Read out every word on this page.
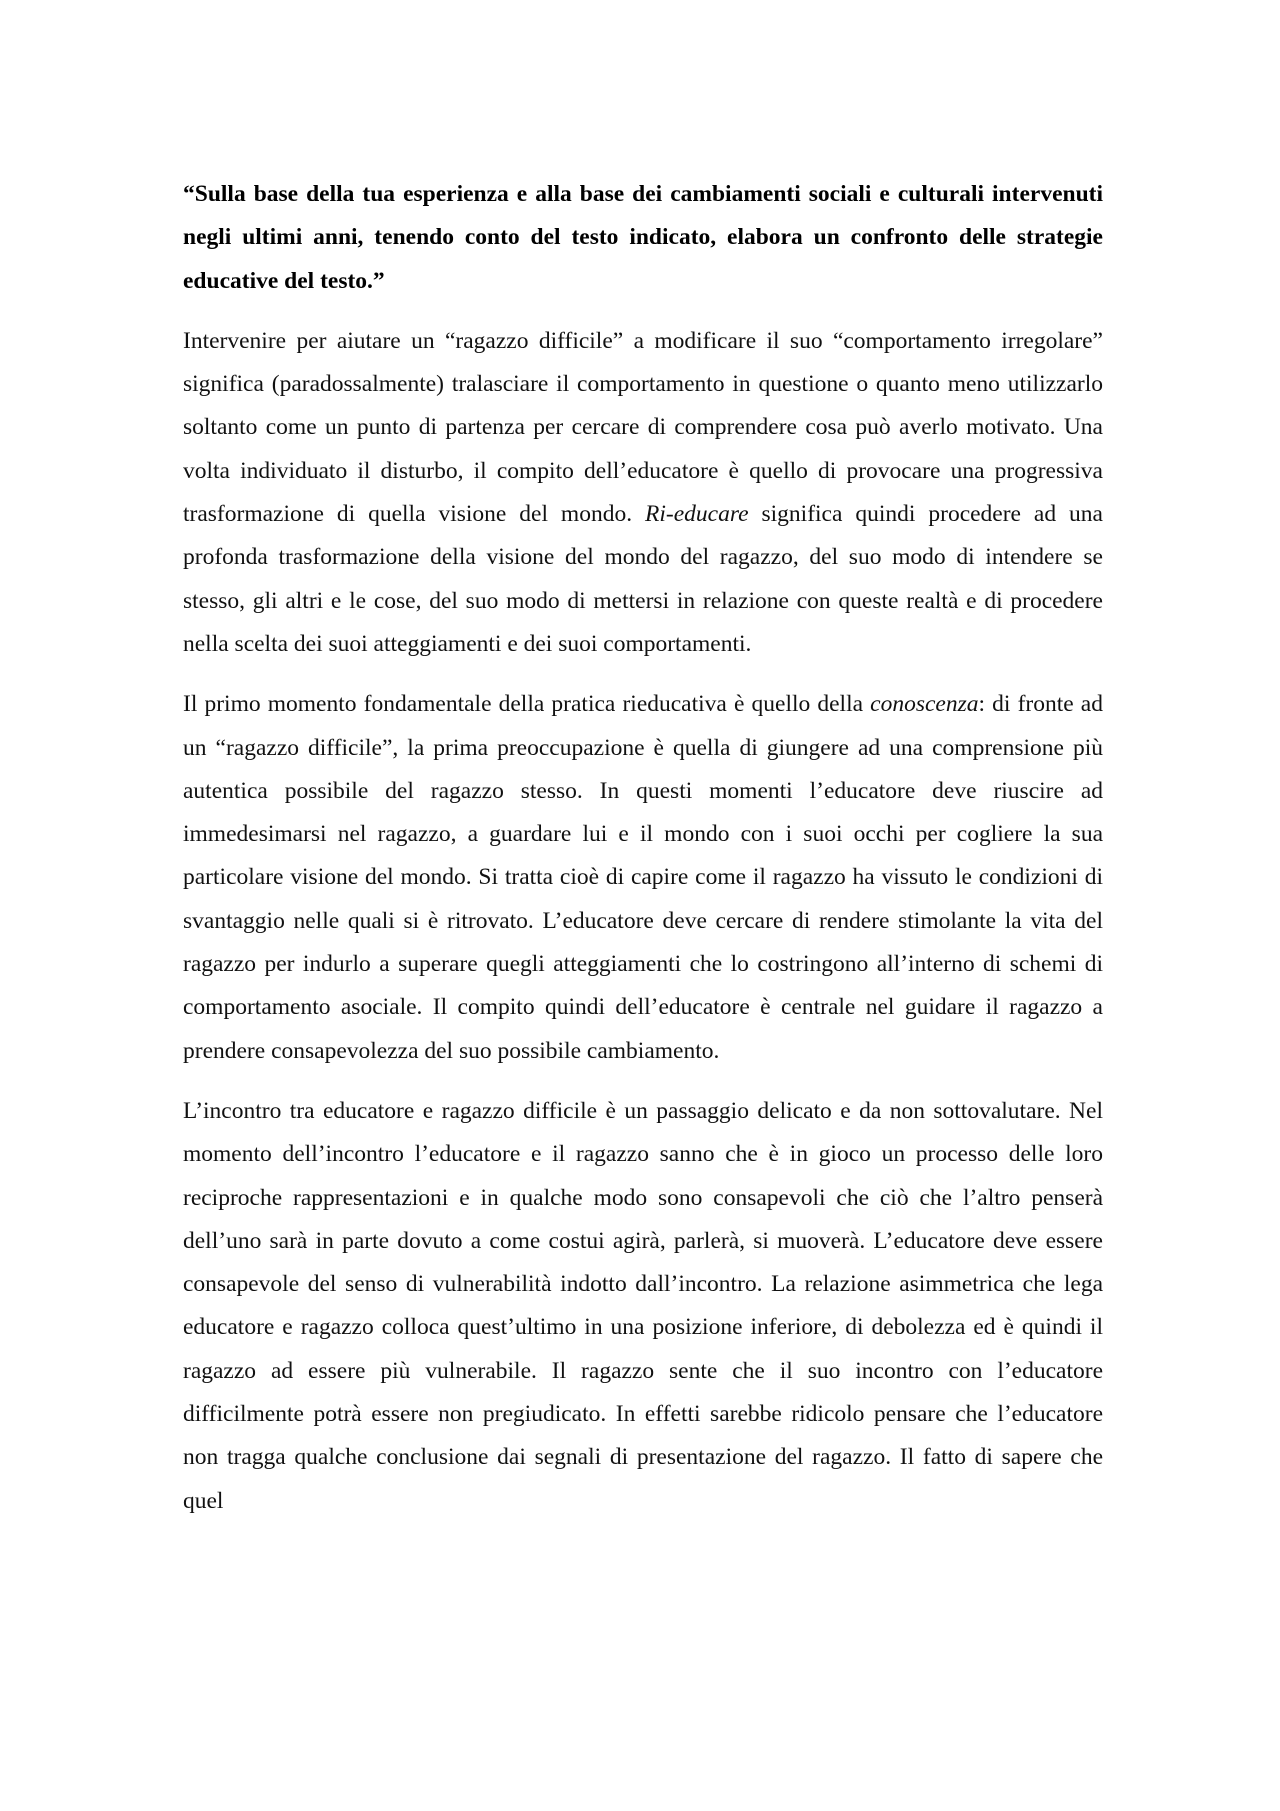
“Sulla base della tua esperienza e alla base dei cambiamenti sociali e culturali intervenuti negli ultimi anni, tenendo conto del testo indicato, elabora un confronto delle strategie educative del testo.”

Intervenire per aiutare un “ragazzo difficile” a modificare il suo “comportamento irregolare” significa (paradossalmente) tralasciare il comportamento in questione o quanto meno utilizzarlo soltanto come un punto di partenza per cercare di comprendere cosa può averlo motivato. Una volta individuato il disturbo, il compito dell’educatore è quello di provocare una progressiva trasformazione di quella visione del mondo. Ri-educare significa quindi procedere ad una profonda trasformazione della visione del mondo del ragazzo, del suo modo di intendere se stesso, gli altri e le cose, del suo modo di mettersi in relazione con queste realtà e di procedere nella scelta dei suoi atteggiamenti e dei suoi comportamenti.

Il primo momento fondamentale della pratica rieducativa è quello della conoscenza: di fronte ad un “ragazzo difficile”, la prima preoccupazione è quella di giungere ad una comprensione più autentica possibile del ragazzo stesso. In questi momenti l’educatore deve riuscire ad immedesimarsi nel ragazzo, a guardare lui e il mondo con i suoi occhi per cogliere la sua particolare visione del mondo. Si tratta cioè di capire come il ragazzo ha vissuto le condizioni di svantaggio nelle quali si è ritrovato. L’educatore deve cercare di rendere stimolante la vita del ragazzo per indurlo a superare quegli atteggiamenti che lo costringono all’interno di schemi di comportamento asociale. Il compito quindi dell’educatore è centrale nel guidare il ragazzo a prendere consapevolezza del suo possibile cambiamento.

L’incontro tra educatore e ragazzo difficile è un passaggio delicato e da non sottovalutare. Nel momento dell’incontro l’educatore e il ragazzo sanno che è in gioco un processo delle loro reciproche rappresentazioni e in qualche modo sono consapevoli che ciò che l’altro penserà dell’uno sarà in parte dovuto a come costui agirà, parlerà, si muoverà. L’educatore deve essere consapevole del senso di vulnerabilità indotto dall’incontro. La relazione asimmetrica che lega educatore e ragazzo colloca quest’ultimo in una posizione inferiore, di debolezza ed è quindi il ragazzo ad essere più vulnerabile. Il ragazzo sente che il suo incontro con l’educatore difficilmente potrà essere non pregiudicato. In effetti sarebbe ridicolo pensare che l’educatore non tragga qualche conclusione dai segnali di presentazione del ragazzo. Il fatto di sapere che quel
